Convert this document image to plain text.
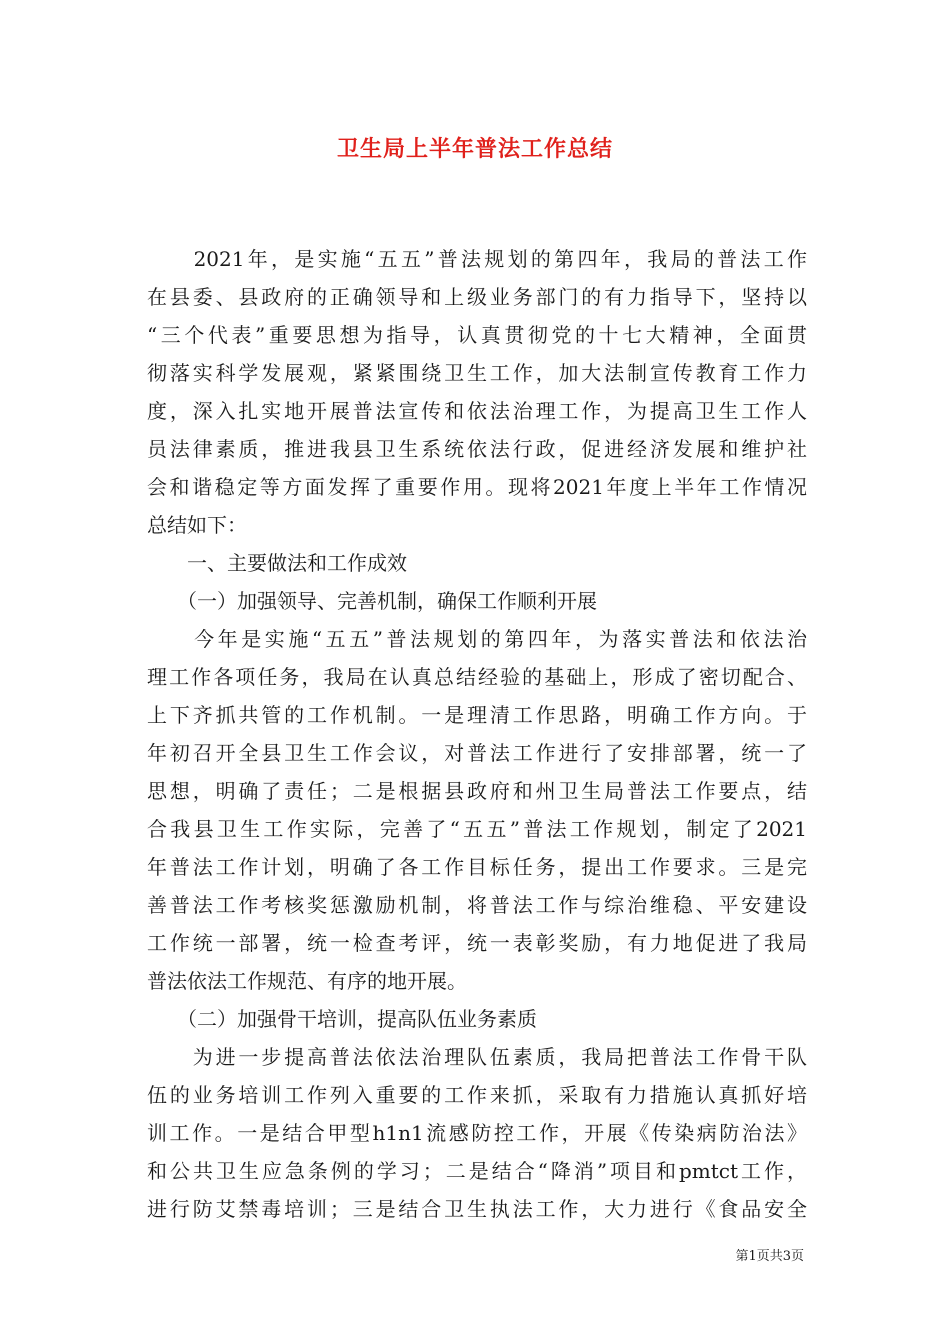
卫生局上半年普法工作总结
　　2021年，是实施“五五”普法规划的第四年，我局的普法工作
在县委、县政府的正确领导和上级业务部门的有力指导下，坚持以
“三个代表”重要思想为指导，认真贯彻党的十七大精神，全面贯
彻落实科学发展观，紧紧围绕卫生工作，加大法制宣传教育工作力
度，深入扎实地开展普法宣传和依法治理工作，为提高卫生工作人
员法律素质，推进我县卫生系统依法行政，促进经济发展和维护社
会和谐稳定等方面发挥了重要作用。现将2021年度上半年工作情况
总结如下：
　　一、主要做法和工作成效
　　（一）加强领导、完善机制，确保工作顺利开展
　　今年是实施“五五”普法规划的第四年，为落实普法和依法治
理工作各项任务，我局在认真总结经验的基础上，形成了密切配合、
上下齐抓共管的工作机制。一是理清工作思路，明确工作方向。于
年初召开全县卫生工作会议，对普法工作进行了安排部署，统一了
思想，明确了责任；二是根据县政府和州卫生局普法工作要点，结
合我县卫生工作实际，完善了“五五”普法工作规划，制定了2021
年普法工作计划，明确了各工作目标任务，提出工作要求。三是完
善普法工作考核奖惩激励机制，将普法工作与综治维稳、平安建设
工作统一部署，统一检查考评，统一表彰奖励，有力地促进了我局
普法依法工作规范、有序的地开展。
　　（二）加强骨干培训，提高队伍业务素质
　　为进一步提高普法依法治理队伍素质，我局把普法工作骨干队
伍的业务培训工作列入重要的工作来抓，采取有力措施认真抓好培
训工作。一是结合甲型h1n1流感防控工作，开展《传染病防治法》
和公共卫生应急条例的学习；二是结合“降消”项目和pmtct工作，
进行防艾禁毒培训；三是结合卫生执法工作，大力进行《食品安全
第1页共3页
